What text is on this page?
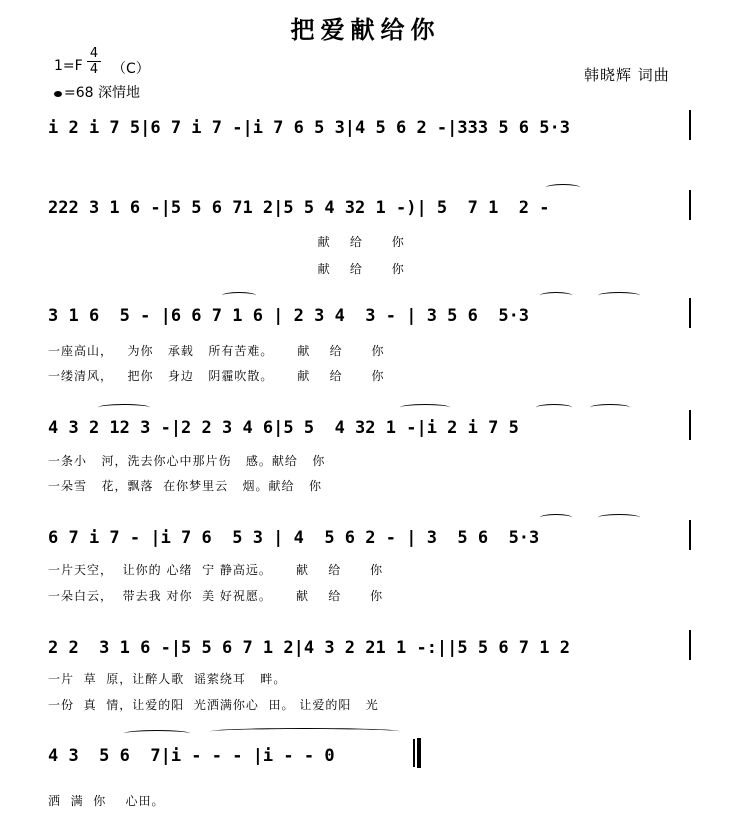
把爱献给你
$1=F \frac{4}{4} (C)$
=68 深情地
韩晓辉 词曲
i 2 i 7 5|6 7 i 7 -|i 7 6 5 3|4 5 6 2 -|333 5 6 5·3
222 3 1 6 -|5 5 6 71 2|5 5 4 32 1 -)| 5  7 1  2 -
献    给      你
献    给      你
3 1 6  5 - |6 6 7 1 6 | 2 3 4  3 - | 3 5 6  5·3
一座高山，   为你   承载   所有苦难。     献    给      你
一缕清风，   把你   身边   阴霾吹散。     献    给      你
4 3 2 12 3 -|2 2 3 4 6|5 5  4 32 1 -|i 2 i 7 5
一条小   河，洗去你心中那片伤   感。献给   你
一朵雪   花，飘落  在你梦里云   烟。献给   你
6 7 i 7 - |i 7 6  5 3 | 4  5 6 2 - | 3  5 6  5·3
一片天空，  让你的 心绪  宁 静高远。     献    给      你
一朵白云，  带去我 对你  美 好祝愿。     献    给      你
2 2  3 1 6 -|5 5 6 7 1 2|4 3 2 21 1 -:||5 5 6 7 1 2
一片  草  原，让醉人歌  谣萦绕耳   畔。
一份  真  情，让爱的阳  光洒满你心  田。 让爱的阳   光
4 3  5 6  7|i - - - |i - - 0
洒  满  你    心田。
